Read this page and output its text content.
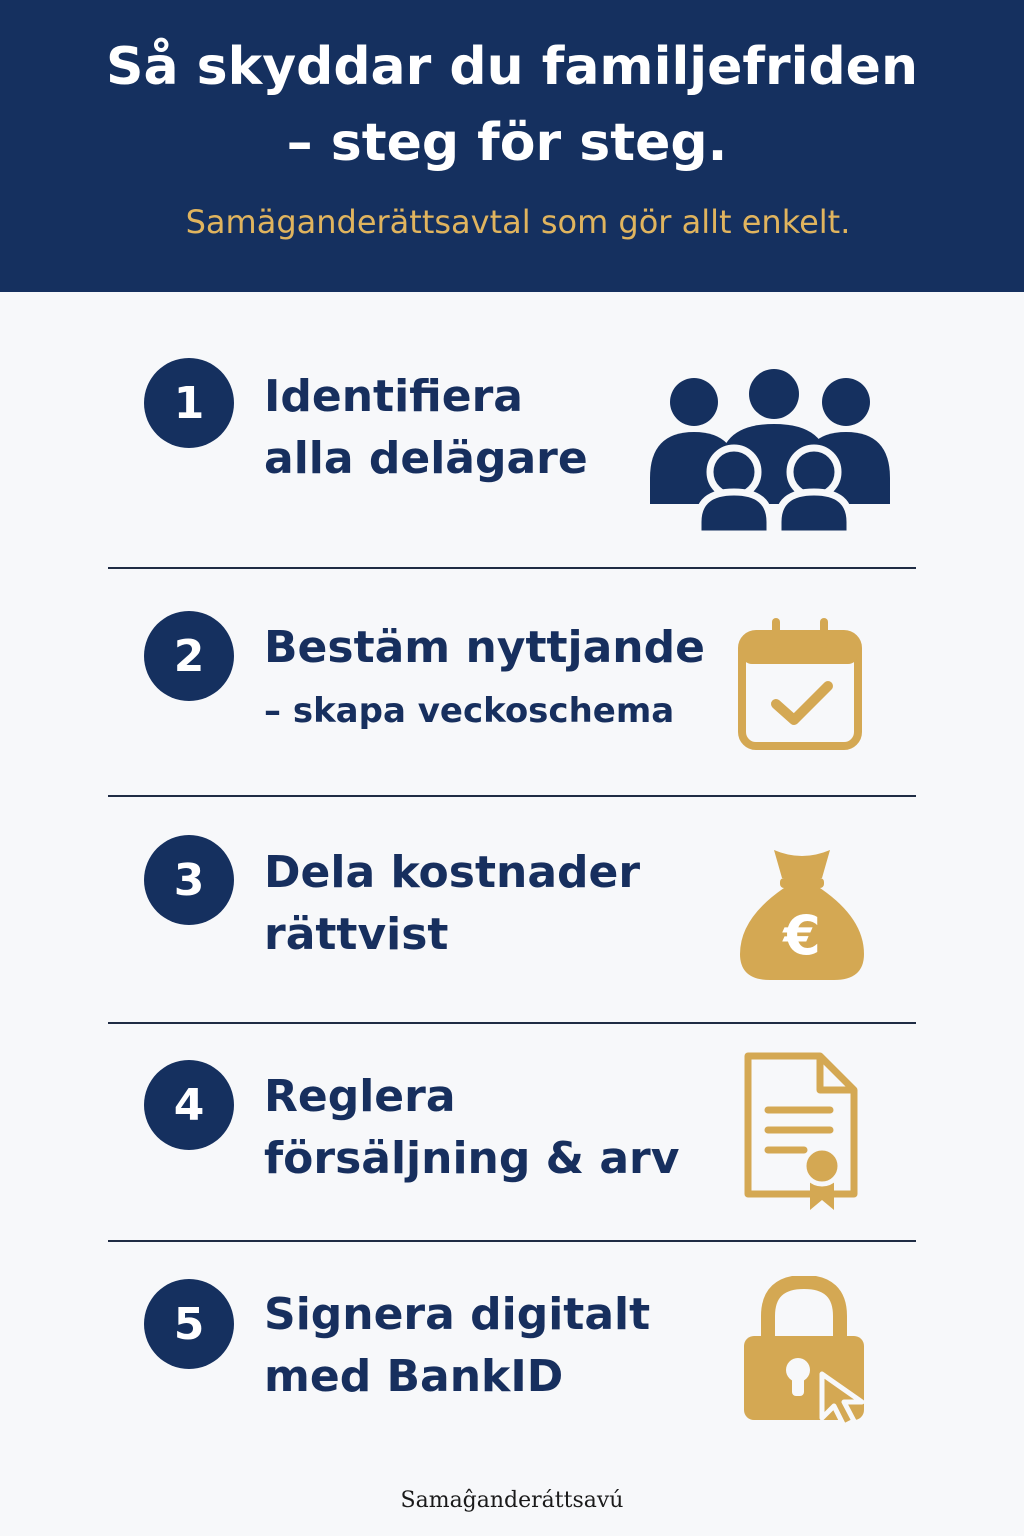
Så skyddar du familjefriden
– steg för steg.
Samäganderättsavtal som gör allt enkelt.
1	Identifiera
alla delägare
2	Bestäm nyttjande
– skapa veckoschema
3	Dela kostnader
rättvist	€
4	Reglera
försäljning & arv
5	Signera digitalt
med BankID
Samaĝanderáttsavú
